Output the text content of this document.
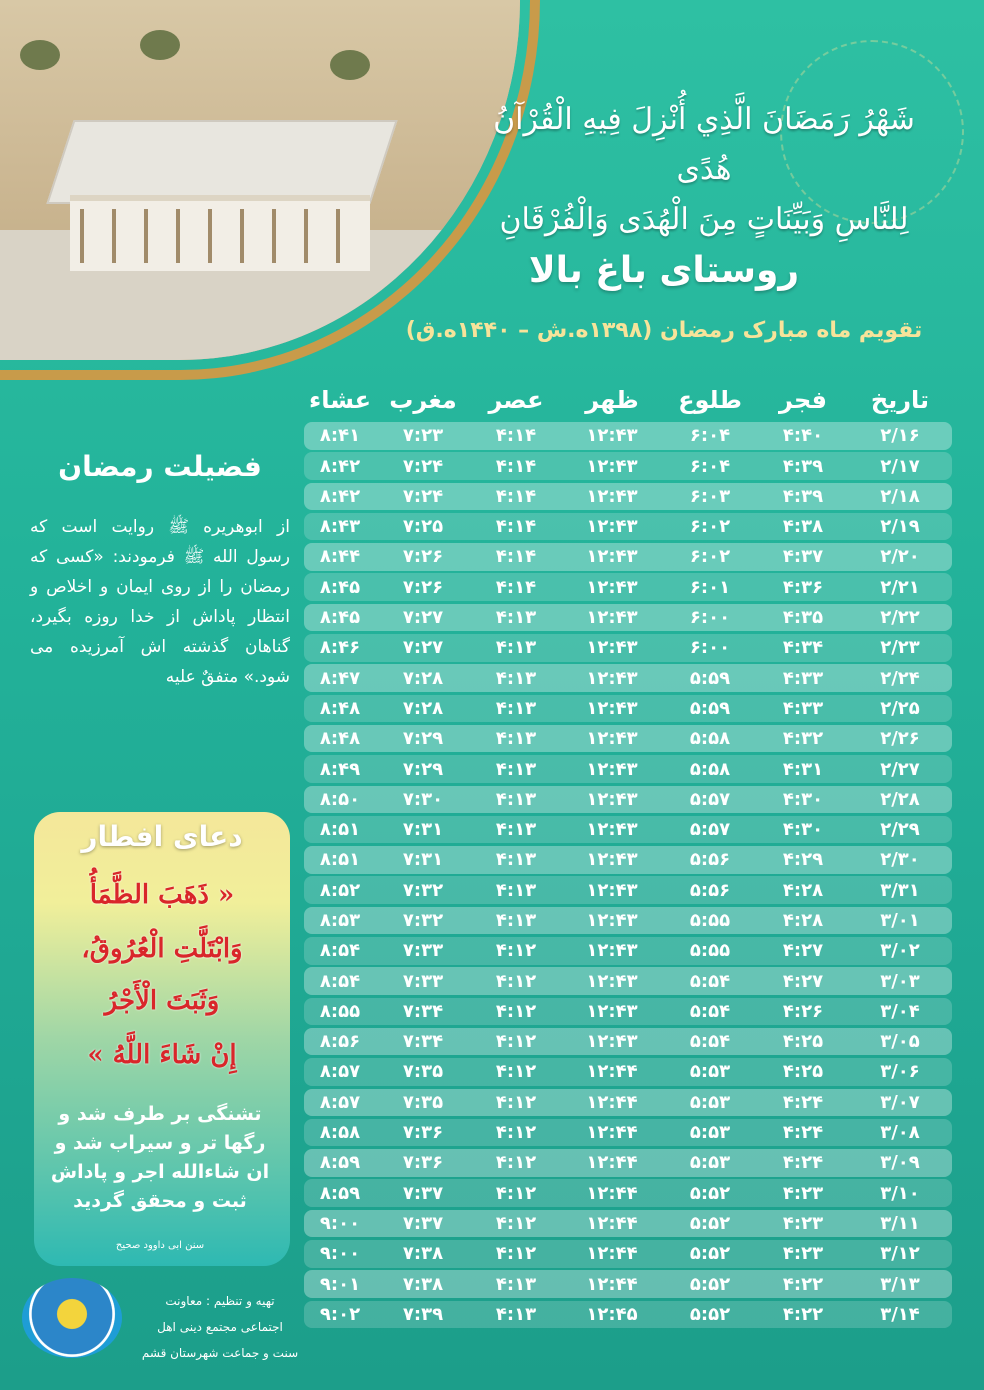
شَهْرُ رَمَضَانَ الَّذِي أُنْزِلَ فِيهِ الْقُرْآنُ هُدًى
لِلنَّاسِ وَبَيِّنَاتٍ مِنَ الْهُدَى وَالْفُرْقَانِ
روستای باغ بالا
تقویم ماه مبارک رمضان (۱۳۹۸ه.ش – ۱۴۴۰ه.ق)
تاریخ
فجر
طلوع
ظهر
عصر
مغرب
عشاء
۲/۱۶
۴:۴۰
۶:۰۴
۱۲:۴۳
۴:۱۴
۷:۲۳
۸:۴۱
۲/۱۷
۴:۳۹
۶:۰۴
۱۲:۴۳
۴:۱۴
۷:۲۴
۸:۴۲
۲/۱۸
۴:۳۹
۶:۰۳
۱۲:۴۳
۴:۱۴
۷:۲۴
۸:۴۲
۲/۱۹
۴:۳۸
۶:۰۲
۱۲:۴۳
۴:۱۴
۷:۲۵
۸:۴۳
۲/۲۰
۴:۳۷
۶:۰۲
۱۲:۴۳
۴:۱۴
۷:۲۶
۸:۴۴
۲/۲۱
۴:۳۶
۶:۰۱
۱۲:۴۳
۴:۱۴
۷:۲۶
۸:۴۵
۲/۲۲
۴:۳۵
۶:۰۰
۱۲:۴۳
۴:۱۳
۷:۲۷
۸:۴۵
۲/۲۳
۴:۳۴
۶:۰۰
۱۲:۴۳
۴:۱۳
۷:۲۷
۸:۴۶
۲/۲۴
۴:۳۳
۵:۵۹
۱۲:۴۳
۴:۱۳
۷:۲۸
۸:۴۷
۲/۲۵
۴:۳۳
۵:۵۹
۱۲:۴۳
۴:۱۳
۷:۲۸
۸:۴۸
۲/۲۶
۴:۳۲
۵:۵۸
۱۲:۴۳
۴:۱۳
۷:۲۹
۸:۴۸
۲/۲۷
۴:۳۱
۵:۵۸
۱۲:۴۳
۴:۱۳
۷:۲۹
۸:۴۹
۲/۲۸
۴:۳۰
۵:۵۷
۱۲:۴۳
۴:۱۳
۷:۳۰
۸:۵۰
۲/۲۹
۴:۳۰
۵:۵۷
۱۲:۴۳
۴:۱۳
۷:۳۱
۸:۵۱
۲/۳۰
۴:۲۹
۵:۵۶
۱۲:۴۳
۴:۱۳
۷:۳۱
۸:۵۱
۳/۳۱
۴:۲۸
۵:۵۶
۱۲:۴۳
۴:۱۳
۷:۳۲
۸:۵۲
۳/۰۱
۴:۲۸
۵:۵۵
۱۲:۴۳
۴:۱۳
۷:۳۲
۸:۵۳
۳/۰۲
۴:۲۷
۵:۵۵
۱۲:۴۳
۴:۱۲
۷:۳۳
۸:۵۴
۳/۰۳
۴:۲۷
۵:۵۴
۱۲:۴۳
۴:۱۲
۷:۳۳
۸:۵۴
۳/۰۴
۴:۲۶
۵:۵۴
۱۲:۴۳
۴:۱۲
۷:۳۴
۸:۵۵
۳/۰۵
۴:۲۵
۵:۵۴
۱۲:۴۳
۴:۱۲
۷:۳۴
۸:۵۶
۳/۰۶
۴:۲۵
۵:۵۳
۱۲:۴۴
۴:۱۲
۷:۳۵
۸:۵۷
۳/۰۷
۴:۲۴
۵:۵۳
۱۲:۴۴
۴:۱۲
۷:۳۵
۸:۵۷
۳/۰۸
۴:۲۴
۵:۵۳
۱۲:۴۴
۴:۱۲
۷:۳۶
۸:۵۸
۳/۰۹
۴:۲۴
۵:۵۳
۱۲:۴۴
۴:۱۲
۷:۳۶
۸:۵۹
۳/۱۰
۴:۲۳
۵:۵۲
۱۲:۴۴
۴:۱۲
۷:۳۷
۸:۵۹
۳/۱۱
۴:۲۳
۵:۵۲
۱۲:۴۴
۴:۱۲
۷:۳۷
۹:۰۰
۳/۱۲
۴:۲۳
۵:۵۲
۱۲:۴۴
۴:۱۲
۷:۳۸
۹:۰۰
۳/۱۳
۴:۲۲
۵:۵۲
۱۲:۴۴
۴:۱۳
۷:۳۸
۹:۰۱
۳/۱۴
۴:۲۲
۵:۵۲
۱۲:۴۵
۴:۱۳
۷:۳۹
۹:۰۲
فضیلت رمضان
از ابوهریره ﷺ روایت است که رسول الله ﷺ فرمودند: «کسی که رمضان را از روی ایمان و اخلاص و انتظار پاداش از خدا روزه بگیرد، گناهان گذشته اش آمرزیده می شود.» متفقٌ علیه
دعای افطار
« ذَهَبَ الظَّمَأُ
وَابْتَلَّتِ الْعُرُوقُ،
وَثَبَتَ الْأَجْرُ
إِنْ شَاءَ اللَّهُ »
تشنگی بر طرف شد و رگها تر و سیراب شد و ان شاءالله اجر و پاداش ثبت و محقق گردید
سنن ابی داوود صحیح
تهیه و تنظیم : معاونت
اجتماعی مجتمع دینی اهل
سنت و جماعت شهرستان قشم
